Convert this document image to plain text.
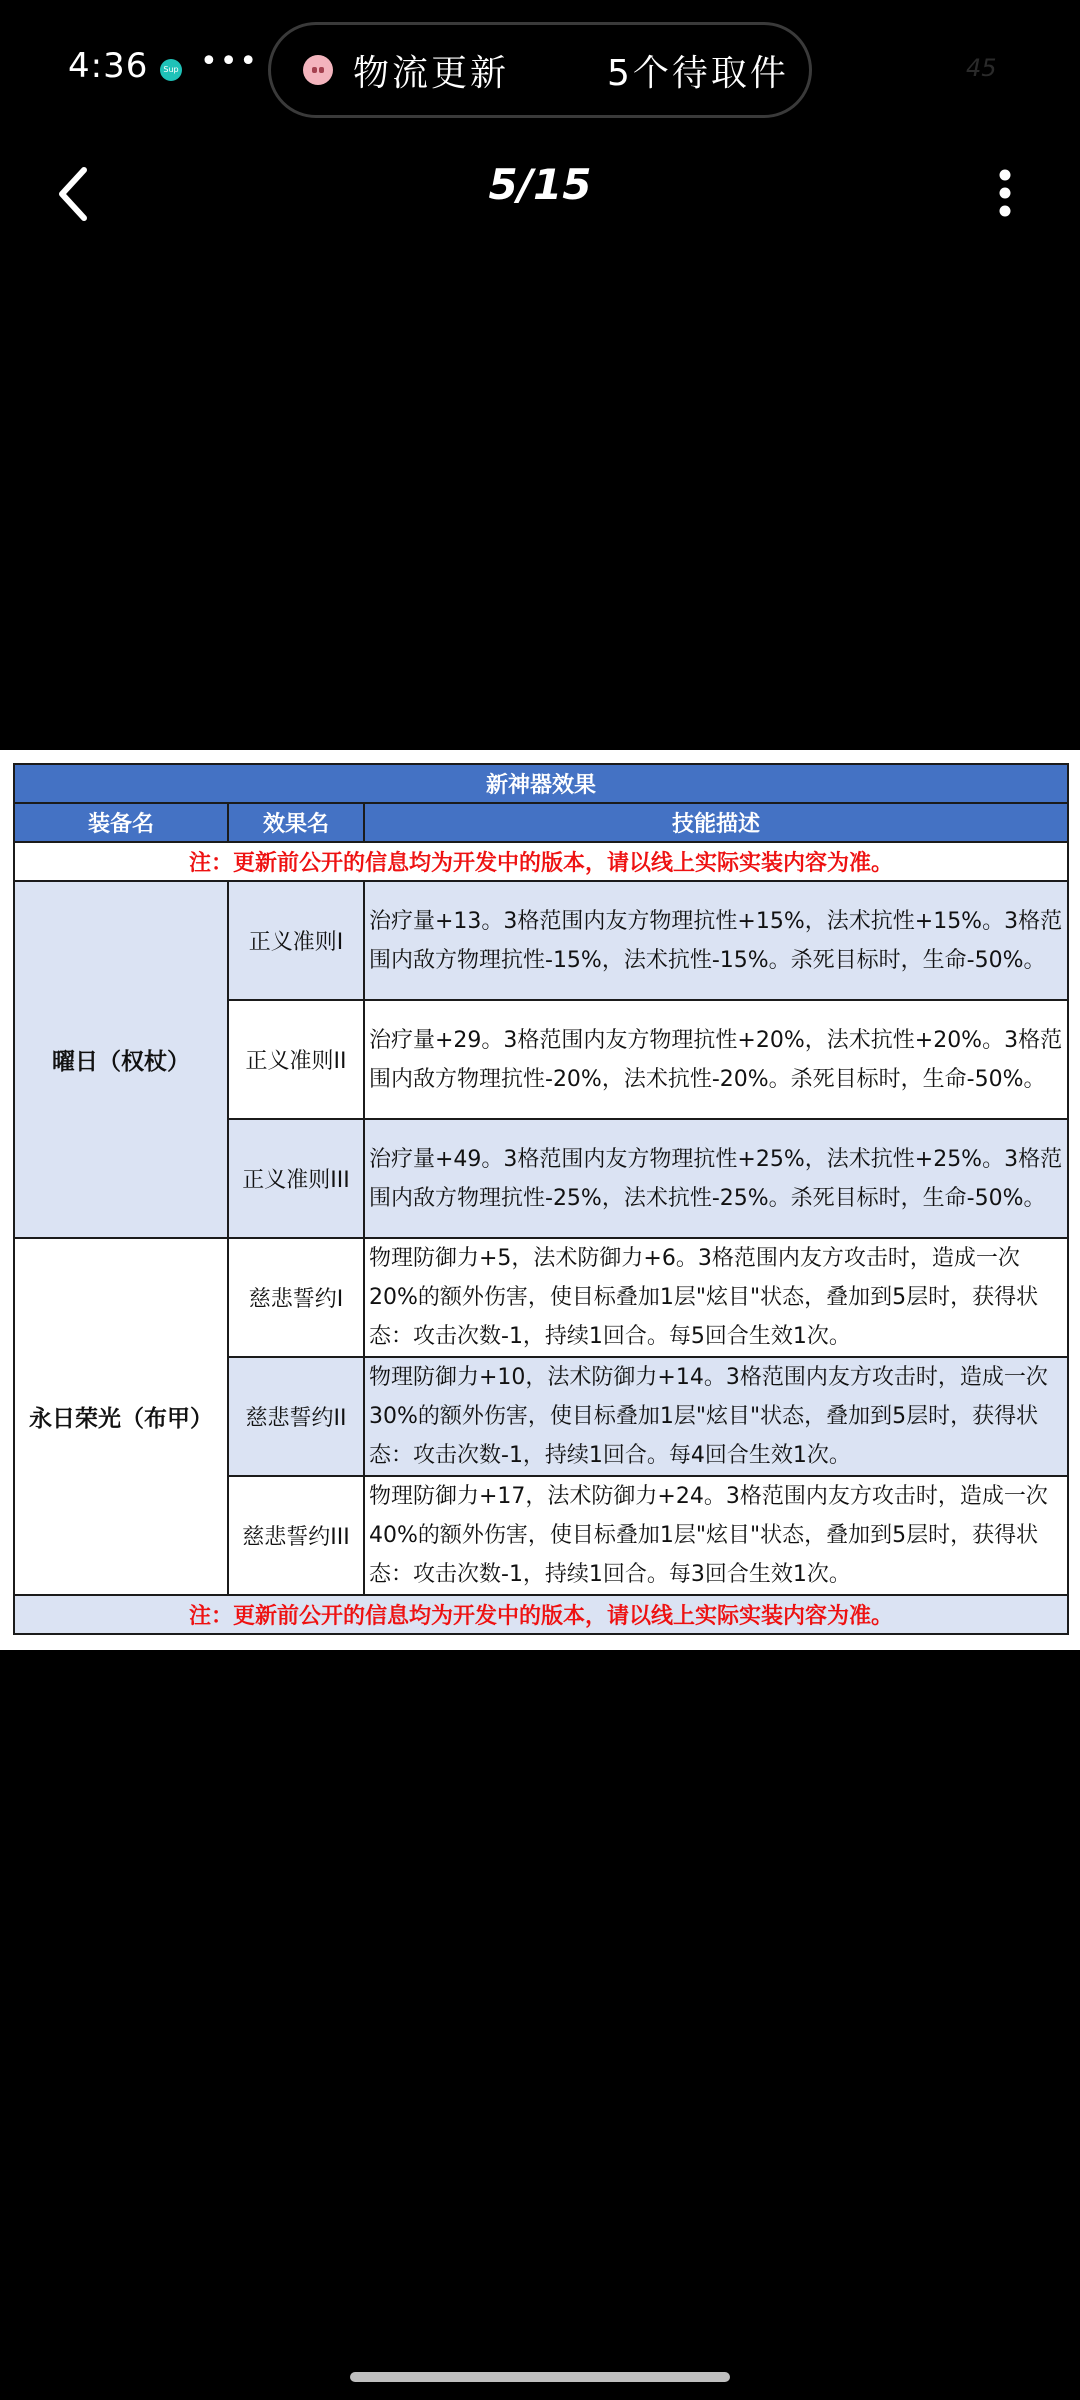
4:36	Sup •••	45
物流更新	5个待取件
5/15
新神器效果		
装备名	效果名	技能描述
注：更新前公开的信息均为开发中的版本，请以线上实际实装内容为准。		
曜日（权杖）	正义准则I	治疗量+13。3格范围内友方物理抗性+15%，法术抗性+15%。3格范围内敌方物理抗性-15%，法术抗性-15%。杀死目标时，生命-50%。
	正义准则II	治疗量+29。3格范围内友方物理抗性+20%，法术抗性+20%。3格范围内敌方物理抗性-20%，法术抗性-20%。杀死目标时，生命-50%。
	正义准则III	治疗量+49。3格范围内友方物理抗性+25%，法术抗性+25%。3格范围内敌方物理抗性-25%，法术抗性-25%。杀死目标时，生命-50%。
永日荣光（布甲）	慈悲誓约I	物理防御力+5，法术防御力+6。3格范围内友方攻击时，造成一次20%的额外伤害，使目标叠加1层"炫目"状态，叠加到5层时，获得状态：攻击次数-1，持续1回合。每5回合生效1次。
	慈悲誓约II	物理防御力+10，法术防御力+14。3格范围内友方攻击时，造成一次30%的额外伤害，使目标叠加1层"炫目"状态，叠加到5层时，获得状态：攻击次数-1，持续1回合。每4回合生效1次。
	慈悲誓约III	物理防御力+17，法术防御力+24。3格范围内友方攻击时，造成一次40%的额外伤害，使目标叠加1层"炫目"状态，叠加到5层时，获得状态：攻击次数-1，持续1回合。每3回合生效1次。
注：更新前公开的信息均为开发中的版本，请以线上实际实装内容为准。		
